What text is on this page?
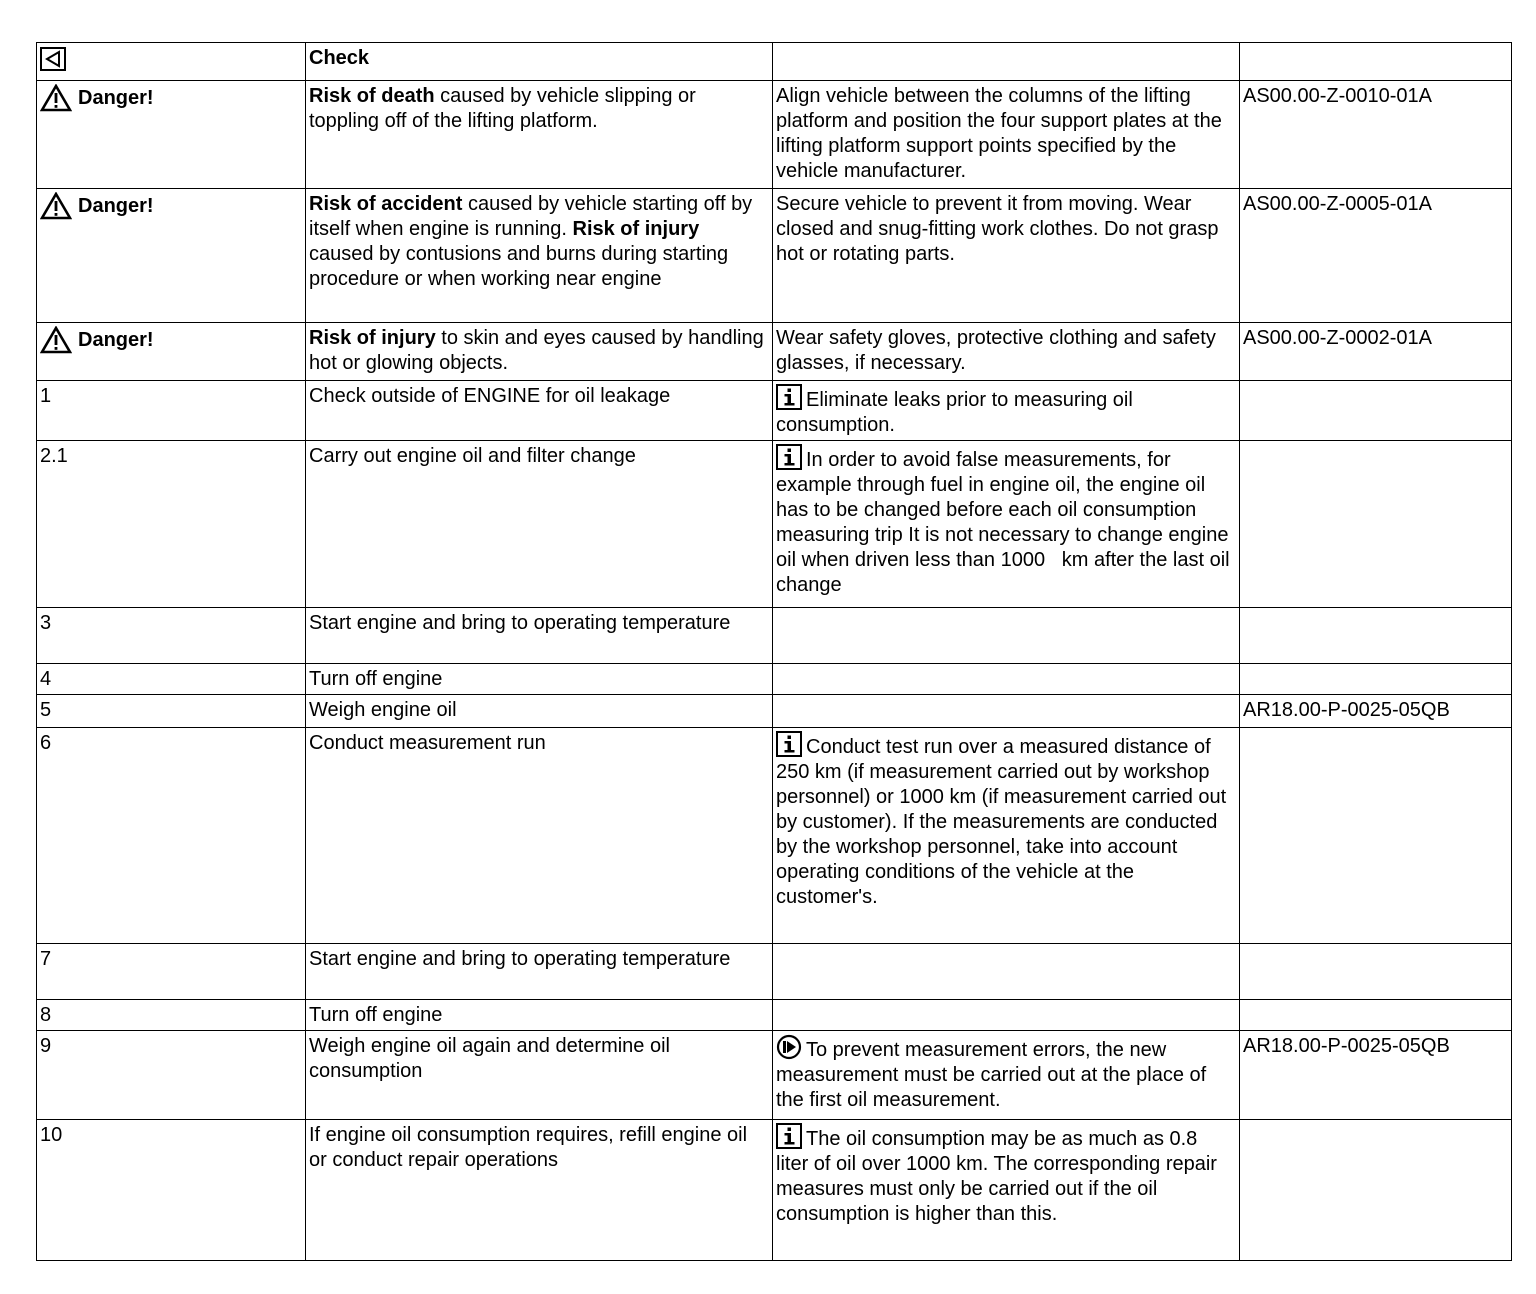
	Check		

Danger!	Risk of death caused by vehicle slipping or toppling off of the lifting platform.	Align vehicle between the columns of the lifting platform and position the four support plates at the lifting platform support points specified by the vehicle manufacturer.	AS00.00-Z-0010-01A

Danger!	Risk of accident caused by vehicle starting off by itself when engine is running. Risk of injury caused by contusions and burns during starting procedure or when working near engine	Secure vehicle to prevent it from moving. Wear closed and snug-fitting work clothes. Do not grasp hot or rotating parts.	AS00.00-Z-0005-01A

Danger!	Risk of injury to skin and eyes caused by handling hot or glowing objects.	Wear safety gloves, protective clothing and safety glasses, if necessary.	AS00.00-Z-0002-01A
1	Check outside of ENGINE for oil leakage	Eliminate leaks prior to measuring oil consumption.	
2.1	Carry out engine oil and filter change	In order to avoid false measurements, for example through fuel in engine oil, the engine oil has to be changed before each oil consumption measuring trip It is not necessary to change engine oil when driven less than 1000   km after the last oil change	
3	Start engine and bring to operating temperature		
4	Turn off engine		
5	Weigh engine oil		AR18.00-P-0025-05QB
6	Conduct measurement run	Conduct test run over a measured distance of 250 km (if measurement carried out by workshop personnel) or 1000 km (if measurement carried out by customer). If the measurements are conducted by the workshop personnel, take into account operating conditions of the vehicle at the customer's.	
7	Start engine and bring to operating temperature		
8	Turn off engine		
9	Weigh engine oil again and determine oil consumption	To prevent measurement errors, the new measurement must be carried out at the place of the first oil measurement.	AR18.00-P-0025-05QB
10	If engine oil consumption requires, refill engine oil or conduct repair operations	The oil consumption may be as much as 0.8 liter of oil over 1000 km. The corresponding repair measures must only be carried out if the oil consumption is higher than this.	
